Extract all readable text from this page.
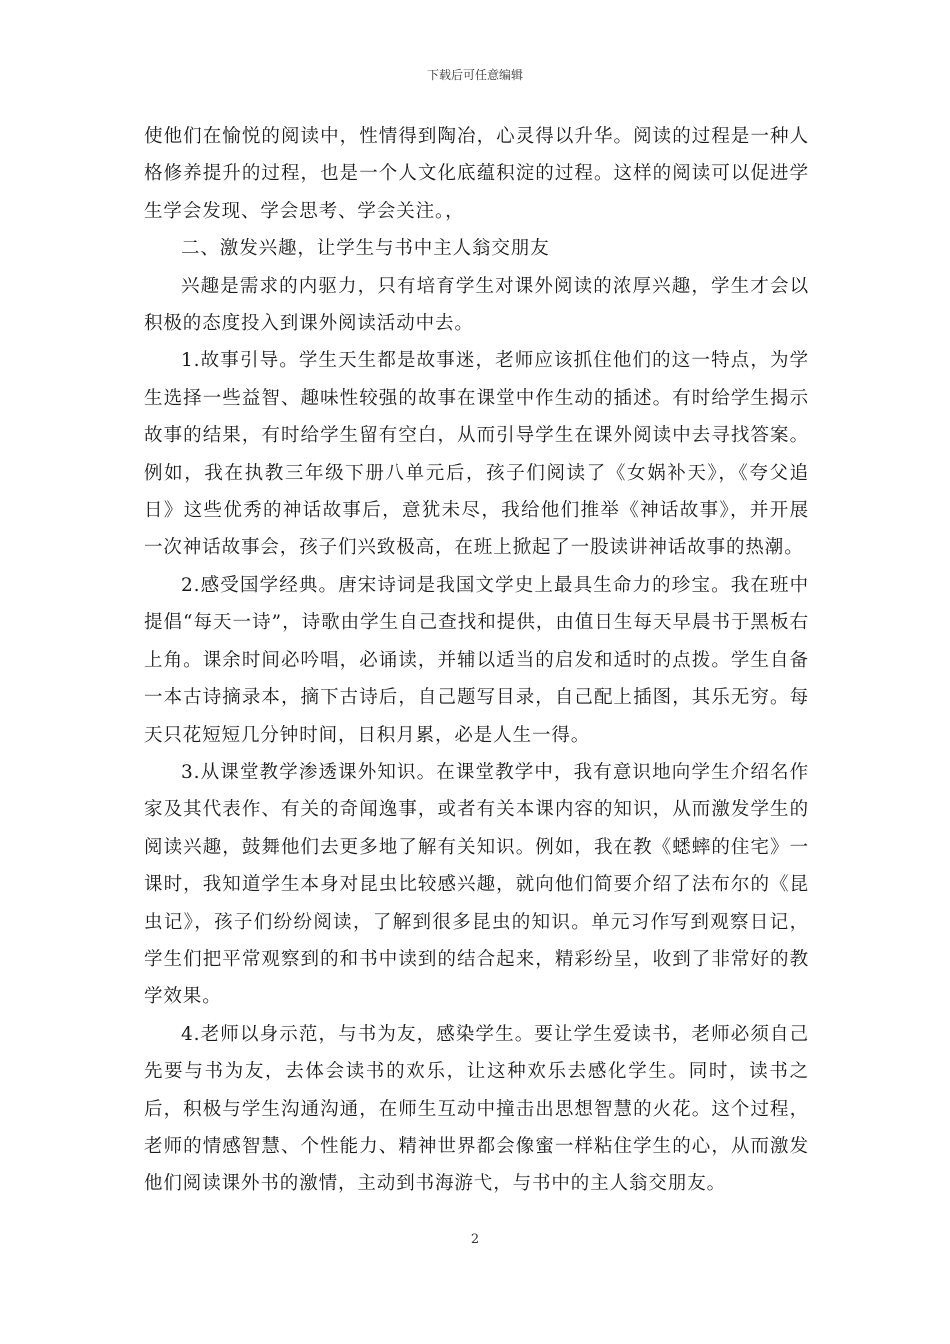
下载后可任意编辑

使他们在愉悦的阅读中，性情得到陶冶，心灵得以升华。阅读的过程是一种人格修养提升的过程，也是一个人文化底蕴积淀的过程。这样的阅读可以促进学生学会发现、学会思考、学会关注。，

二、激发兴趣，让学生与书中主人翁交朋友

兴趣是需求的内驱力，只有培育学生对课外阅读的浓厚兴趣，学生才会以积极的态度投入到课外阅读活动中去。

1.故事引导。学生天生都是故事迷，老师应该抓住他们的这一特点，为学生选择一些益智、趣味性较强的故事在课堂中作生动的插述。有时给学生揭示故事的结果，有时给学生留有空白，从而引导学生在课外阅读中去寻找答案。例如，我在执教三年级下册八单元后，孩子们阅读了《女娲补天》，《夸父追日》这些优秀的神话故事后，意犹未尽，我给他们推举《神话故事》，并开展一次神话故事会，孩子们兴致极高，在班上掀起了一股读讲神话故事的热潮。

2.感受国学经典。唐宋诗词是我国文学史上最具生命力的珍宝。我在班中提倡“每天一诗”，诗歌由学生自己查找和提供，由值日生每天早晨书于黑板右上角。课余时间必吟唱，必诵读，并辅以适当的启发和适时的点拨。学生自备一本古诗摘录本，摘下古诗后，自己题写目录，自己配上插图，其乐无穷。每天只花短短几分钟时间，日积月累，必是人生一得。

3.从课堂教学渗透课外知识。在课堂教学中，我有意识地向学生介绍名作家及其代表作、有关的奇闻逸事，或者有关本课内容的知识，从而激发学生的阅读兴趣，鼓舞他们去更多地了解有关知识。例如，我在教《蟋蟀的住宅》一课时，我知道学生本身对昆虫比较感兴趣，就向他们简要介绍了法布尔的《昆虫记》，孩子们纷纷阅读，了解到很多昆虫的知识。单元习作写到观察日记，学生们把平常观察到的和书中读到的结合起来，精彩纷呈，收到了非常好的教学效果。

4.老师以身示范，与书为友，感染学生。要让学生爱读书，老师必须自己先要与书为友，去体会读书的欢乐，让这种欢乐去感化学生。同时，读书之后，积极与学生沟通沟通，在师生互动中撞击出思想智慧的火花。这个过程，老师的情感智慧、个性能力、精神世界都会像蜜一样粘住学生的心，从而激发他们阅读课外书的激情，主动到书海游弋，与书中的主人翁交朋友。

2
